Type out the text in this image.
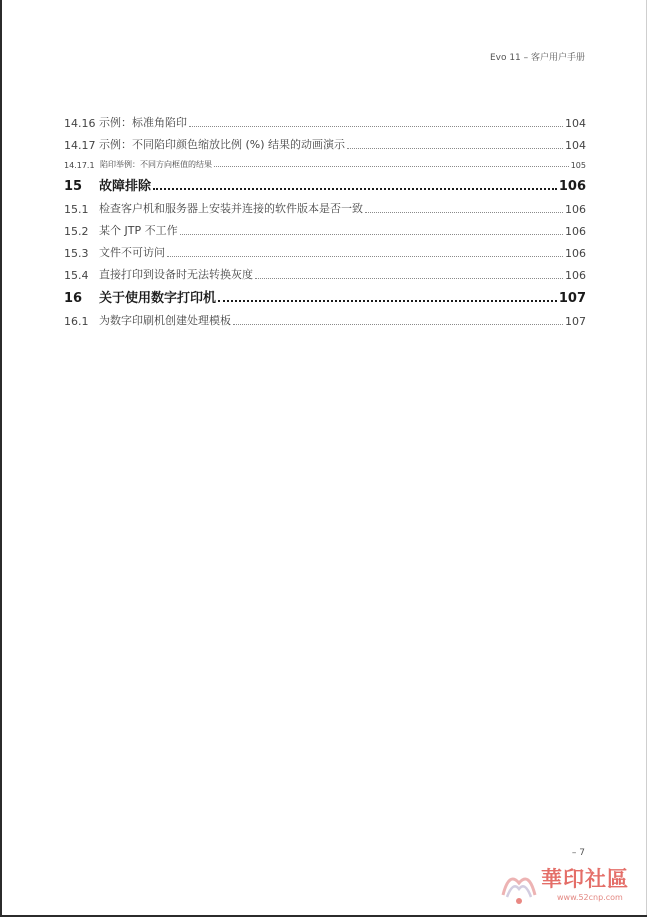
Evo 11 – 客户用户手册
14.16 示例：标准角陷印	104
14.17 示例：不同陷印颜色缩放比例 (%) 结果的动画演示	104
14.17.1 陷印举例：不同方向框值的结果	105
15	故障排除	106
15.1 检查客户机和服务器上安装并连接的软件版本是否一致	106
15.2 某个 JTP 不工作	106
15.3 文件不可访问	106
15.4 直接打印到设备时无法转换灰度	106
16	关于使用数字打印机	107
16.1 为数字印刷机创建处理模板	107
– 7
華印社區
www.52cnp.com
